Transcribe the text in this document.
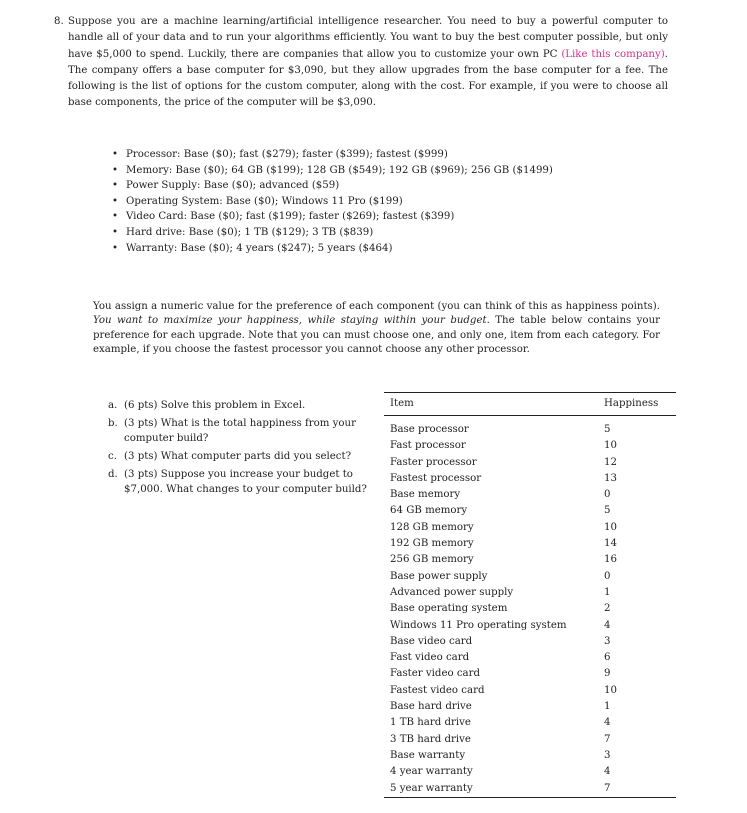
8. Suppose you are a machine learning/artificial intelligence researcher. You need to buy a powerful computer to handle all of your data and to run your algorithms efficiently. You want to buy the best computer possible, but only have $5,000 to spend. Luckily, there are companies that allow you to customize your own PC (Like this company). The company offers a base computer for $3,090, but they allow upgrades from the base computer for a fee. The following is the list of options for the custom computer, along with the cost. For example, if you were to choose all base components, the price of the computer will be $3,090.

• Processor: Base ($0); fast ($279); faster ($399); fastest ($999)
• Memory: Base ($0); 64 GB ($199); 128 GB ($549); 192 GB ($969); 256 GB ($1499)
• Power Supply: Base ($0); advanced ($59)
• Operating System: Base ($0); Windows 11 Pro ($199)
• Video Card: Base ($0); fast ($199); faster ($269); fastest ($399)
• Hard drive: Base ($0); 1 TB ($129); 3 TB ($839)
• Warranty: Base ($0); 4 years ($247); 5 years ($464)

You assign a numeric value for the preference of each component (you can think of this as happiness points). You want to maximize your happiness, while staying within your budget. The table below contains your preference for each upgrade. Note that you can must choose one, and only one, item from each category. For example, if you choose the fastest processor you cannot choose any other processor.

a. (6 pts) Solve this problem in Excel.
b. (3 pts) What is the total happiness from your computer build?
c. (3 pts) What computer parts did you select?
d. (3 pts) Suppose you increase your budget to $7,000. What changes to your computer build?
Item	Happiness
Base processor	5
Fast processor	10
Faster processor	12
Fastest processor	13
Base memory	0
64 GB memory	5
128 GB memory	10
192 GB memory	14
256 GB memory	16
Base power supply	0
Advanced power supply	1
Base operating system	2
Windows 11 Pro operating system	4
Base video card	3
Fast video card	6
Faster video card	9
Fastest video card	10
Base hard drive	1
1 TB hard drive	4
3 TB hard drive	7
Base warranty	3
4 year warranty	4
5 year warranty	7
